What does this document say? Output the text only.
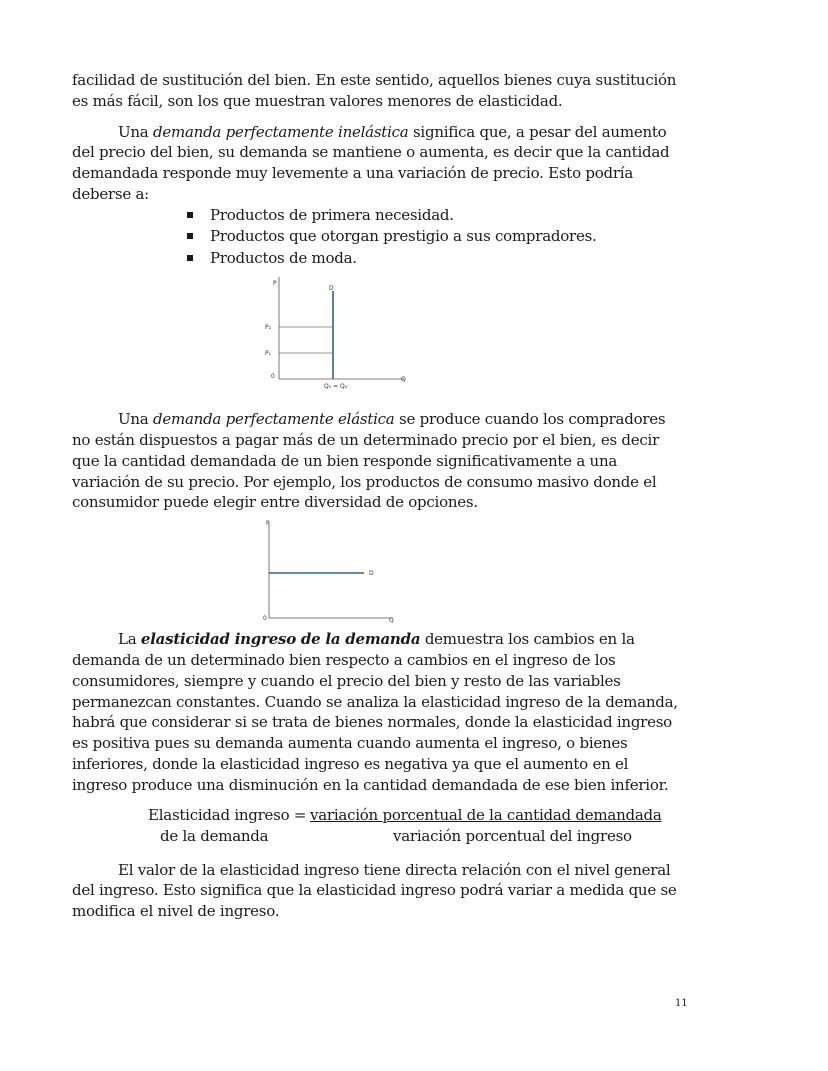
facilidad de sustitución del bien. En este sentido, aquellos bienes cuya sustitución es más fácil, son los que muestran valores menores de elasticidad.

Una demanda perfectamente inelástica significa que, a pesar del aumento del precio del bien, su demanda se mantiene o aumenta, es decir que la cantidad demandada responde muy levemente a una variación de precio. Esto podría deberse a:

Productos de primera necesidad.
Productos que otorgan prestigio a sus compradores.
Productos de moda.
P
D
P₂
P₁
0	Q
Q₁ = Q₂

Una demanda perfectamente elástica se produce cuando los compradores no están dispuestos a pagar más de un determinado precio por el bien, es decir que la cantidad demandada de un bien responde significativamente a una variación de su precio. Por ejemplo, los productos de consumo masivo donde el consumidor puede elegir entre diversidad de opciones.

P
D
0	Q

La elasticidad ingreso de la demanda demuestra los cambios en la demanda de un determinado bien respecto a cambios en el ingreso de los consumidores, siempre y cuando el precio del bien y resto de las variables permanezcan constantes. Cuando se analiza la elasticidad ingreso de la demanda, habrá que considerar si se trata de bienes normales, donde la elasticidad ingreso es positiva pues su demanda aumenta cuando aumenta el ingreso, o bienes inferiores, donde la elasticidad ingreso es negativa ya que el aumento en el ingreso produce una disminución en la cantidad demandada de ese bien inferior.

Elasticidad ingreso = variación porcentual de la cantidad demandada
de la demanda	variación porcentual del ingreso

El valor de la elasticidad ingreso tiene directa relación con el nivel general del ingreso. Esto significa que la elasticidad ingreso podrá variar a medida que se modifica el nivel de ingreso.

11
